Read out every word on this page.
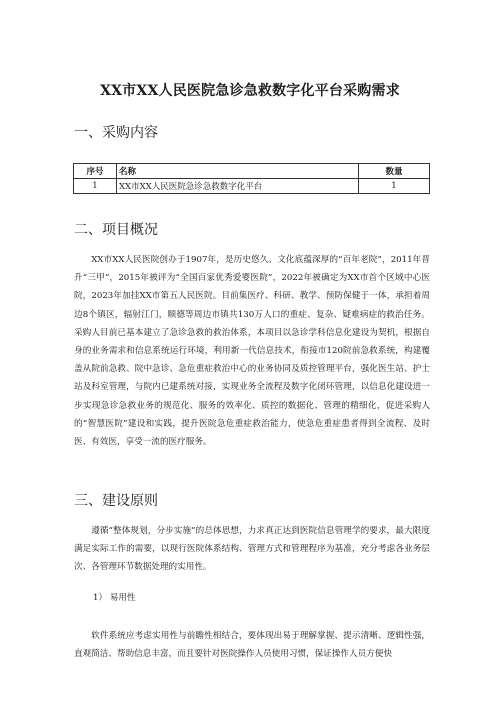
XX市XX人民医院急诊急救数字化平台采购需求
一、采购内容
序号	名称	数量
1	XX市XX人民医院急诊急救数字化平台	1
二、项目概况

XX市XX人民医院创办于1907年，是历史悠久、文化底蕴深厚的“百年老院”，2011年晋升“三甲”，2015年被评为“全国百家优秀爱婴医院”，2022年被确定为XX市首个区域中心医院，2023年加挂XX市第五人民医院。目前集医疗、科研、教学、预防保健于一体，承担着周边8个镇区，辐射江门，顺德等周边市镇共130万人口的重症、复杂、疑难病症的救治任务。采购人目前已基本建立了急诊急救的救治体系，本项目以急诊学科信息化建设为契机，根据自身的业务需求和信息系统运行环境，利用新一代信息技术，衔接市120院前急救系统，构建覆盖从院前急救、院中急诊、急危重症救治中心的业务协同及质控管理平台，强化医生站、护士站及科室管理，与院内已建系统对接，实现业务全流程及数字化闭环管理，以信息化建设进一步实现急诊急救业务的规范化、服务的效率化、质控的数据化、管理的精细化，促进采购人的“智慧医院”建设和实践，提升医院急危重症救治能力，使急危重症患者得到全流程、及时医、有效医，享受一流的医疗服务。

三、建设原则

遵循“整体规划，分步实施”的总体思想，力求真正达到医院信息管理学的要求，最大限度满足实际工作的需要，以现行医院体系结构、管理方式和管理程序为基准，充分考虑各业务层次、各管理环节数据处理的实用性。

1） 易用性

软件系统应考虑实用性与前瞻性相结合，要体现出易于理解掌握、提示清晰、逻辑性强，直观简洁、帮助信息丰富，而且要针对医院操作人员使用习惯，保证操作人员方便快
